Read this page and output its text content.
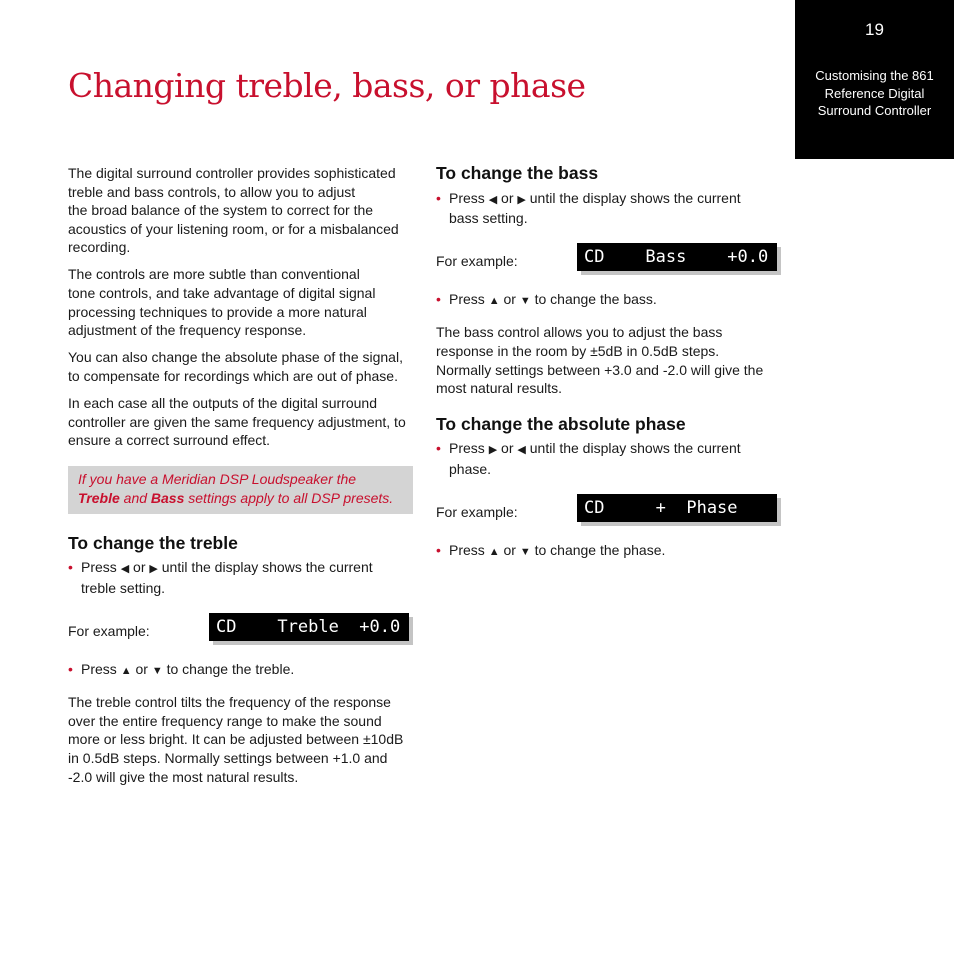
19
Customising the 861
Reference Digital
Surround Controller
Changing treble, bass, or phase

The digital surround controller provides sophisticated
treble and bass controls, to allow you to adjust
the broad balance of the system to correct for the
acoustics of your listening room, or for a misbalanced
recording.

The controls are more subtle than conventional
tone controls, and take advantage of digital signal
processing techniques to provide a more natural
adjustment of the frequency response.

You can also change the absolute phase of the signal,
to compensate for recordings which are out of phase.

In each case all the outputs of the digital surround
controller are given the same frequency adjustment, to
ensure a correct surround effect.

If you have a Meridian DSP Loudspeaker the
Treble and Bass settings apply to all DSP presets.
To change the treble
• Press ◀ or ▶ until the display shows the current
treble setting.
For example:	CD    Treble  +0.0
• Press ▲ or ▼ to change the treble.

The treble control tilts the frequency of the response
over the entire frequency range to make the sound
more or less bright. It can be adjusted between ±10dB
in 0.5dB steps. Normally settings between +1.0 and
-2.0 will give the most natural results.

To change the bass
• Press ◀ or ▶ until the display shows the current
bass setting.
For example:	CD    Bass    +0.0
• Press ▲ or ▼ to change the bass.

The bass control allows you to adjust the bass
response in the room by ±5dB in 0.5dB steps.
Normally settings between +3.0 and -2.0 will give the
most natural results.

To change the absolute phase
• Press ▶ or ◀ until the display shows the current
phase.
For example:	CD     +  Phase
• Press ▲ or ▼ to change the phase.
